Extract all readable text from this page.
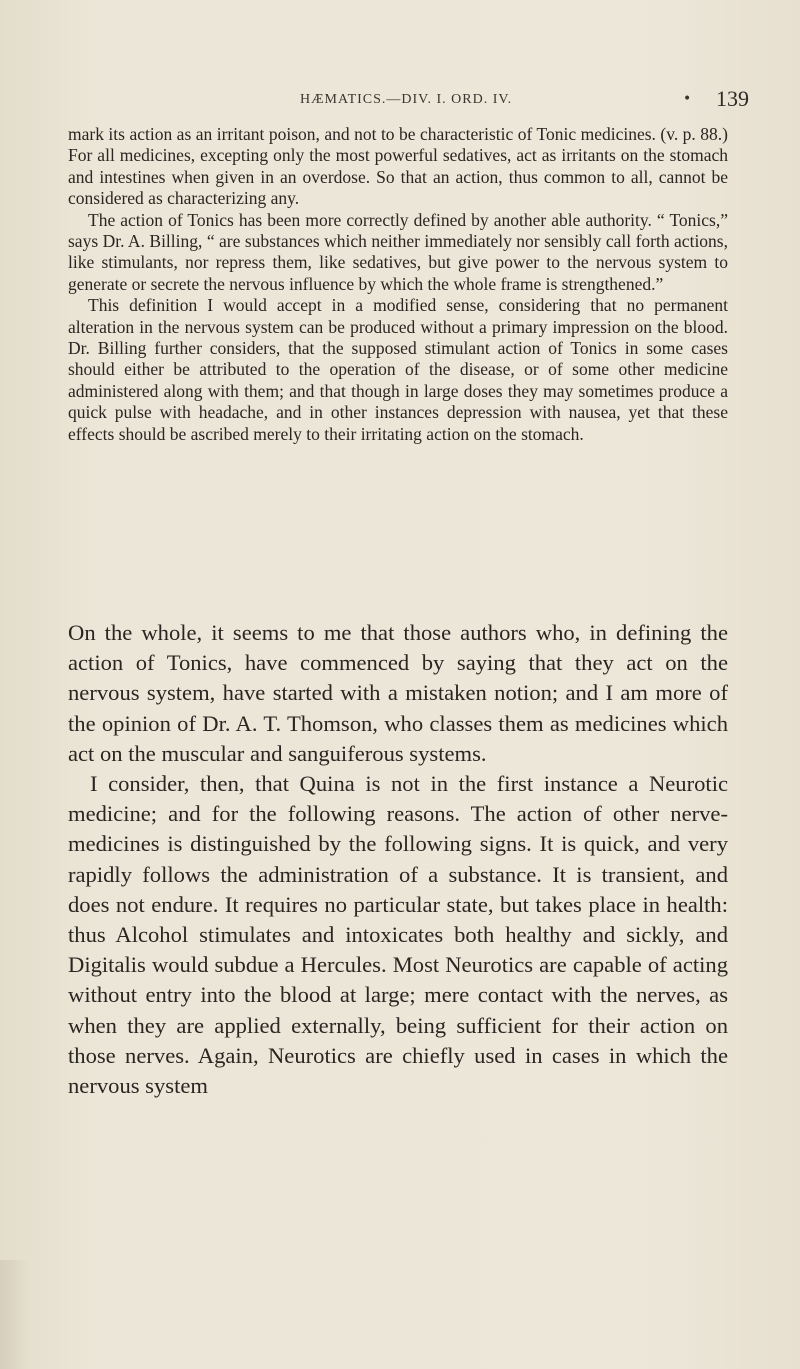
HÆMATICS.—DIV. I. ORD. IV.	• 139

mark its action as an irritant poison, and not to be characteristic of Tonic medicines. (v. p. 88.) For all medicines, excepting only the most powerful sedatives, act as irritants on the stomach and intestines when given in an overdose. So that an action, thus common to all, cannot be considered as characterizing any.

The action of Tonics has been more correctly defined by another able authority. “ Tonics,” says Dr. A. Billing, “ are substances which neither immediately nor sensibly call forth actions, like stimulants, nor repress them, like sedatives, but give power to the nervous system to generate or secrete the nervous influence by which the whole frame is strengthened.”

This definition I would accept in a modified sense, considering that no permanent alteration in the nervous system can be produced without a primary impression on the blood. Dr. Billing further considers, that the supposed stimulant action of Tonics in some cases should either be attributed to the operation of the disease, or of some other medicine administered along with them; and that though in large doses they may sometimes produce a quick pulse with headache, and in other instances depression with nausea, yet that these effects should be ascribed merely to their irritating action on the stomach.

On the whole, it seems to me that those authors who, in defining the action of Tonics, have commenced by saying that they act on the nervous system, have started with a mistaken notion; and I am more of the opinion of Dr. A. T. Thomson, who classes them as medicines which act on the muscular and sanguiferous systems.

I consider, then, that Quina is not in the first instance a Neurotic medicine; and for the following reasons. The action of other nerve-medicines is distinguished by the following signs. It is quick, and very rapidly follows the administration of a substance. It is transient, and does not endure. It requires no particular state, but takes place in health: thus Alcohol stimulates and intoxicates both healthy and sickly, and Digitalis would subdue a Hercules. Most Neurotics are capable of acting without entry into the blood at large; mere contact with the nerves, as when they are applied externally, being sufficient for their action on those nerves. Again, Neurotics are chiefly used in cases in which the nervous system
